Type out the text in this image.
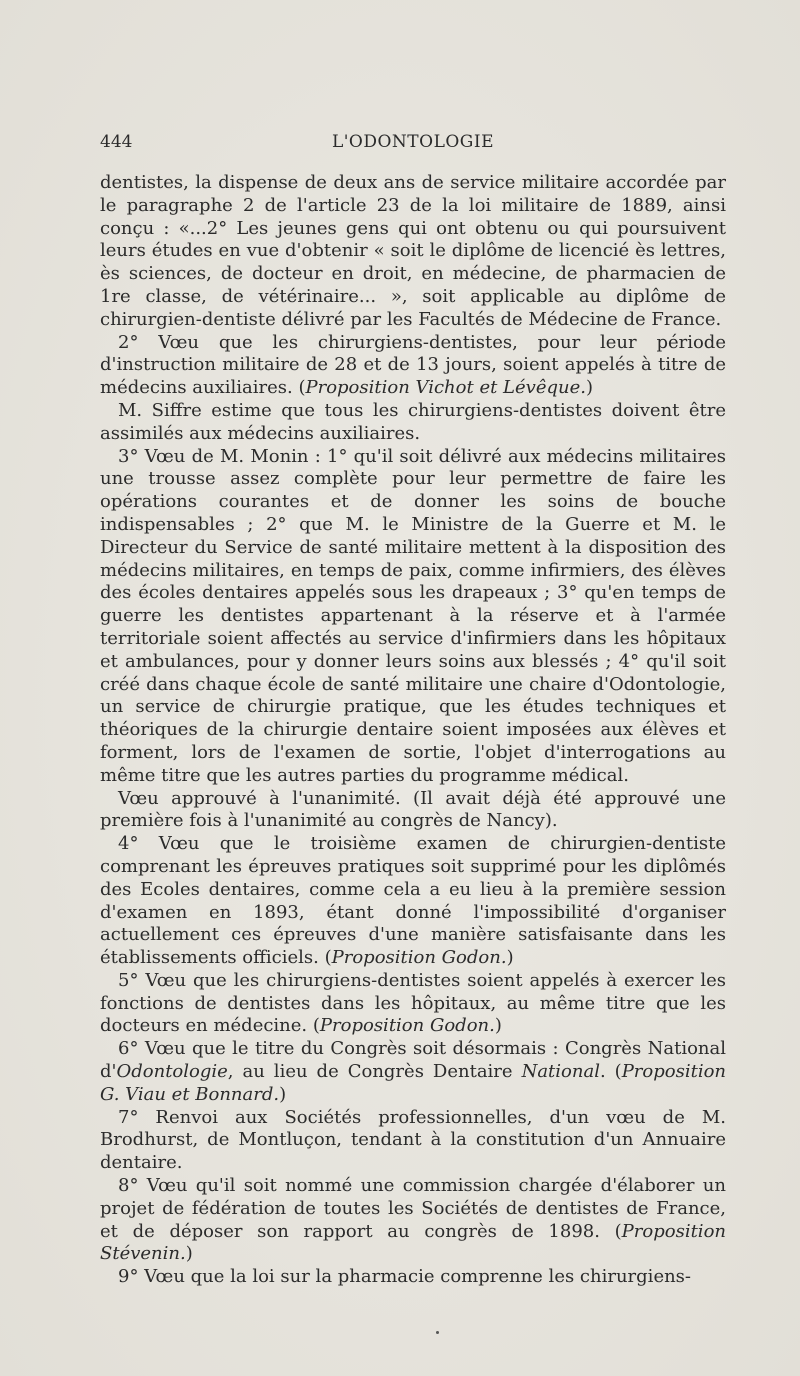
444	L'ODONTOLOGIE

dentistes, la dispense de deux ans de service militaire accordée par le paragraphe 2 de l'article 23 de la loi militaire de 1889, ainsi conçu : «...2° Les jeunes gens qui ont obtenu ou qui poursuivent leurs études en vue d'obtenir « soit le diplôme de licencié ès lettres, ès sciences, de docteur en droit, en médecine, de pharmacien de 1re classe, de vétérinaire... », soit applicable au diplôme de chirurgien-dentiste délivré par les Facultés de Médecine de France.

2° Vœu que les chirurgiens-dentistes, pour leur période d'instruction militaire de 28 et de 13 jours, soient appelés à titre de médecins auxiliaires. (Proposition Vichot et Lévêque.)

M. Siffre estime que tous les chirurgiens-dentistes doivent être assimilés aux médecins auxiliaires.

3° Vœu de M. Monin : 1° qu'il soit délivré aux médecins militaires une trousse assez complète pour leur permettre de faire les opérations courantes et de donner les soins de bouche indispensables ; 2° que M. le Ministre de la Guerre et M. le Directeur du Service de santé militaire mettent à la disposition des médecins militaires, en temps de paix, comme infirmiers, des élèves des écoles dentaires appelés sous les drapeaux ; 3° qu'en temps de guerre les dentistes appartenant à la réserve et à l'armée territoriale soient affectés au service d'infirmiers dans les hôpitaux et ambulances, pour y donner leurs soins aux blessés ; 4° qu'il soit créé dans chaque école de santé militaire une chaire d'Odontologie, un service de chirurgie pratique, que les études techniques et théoriques de la chirurgie dentaire soient imposées aux élèves et forment, lors de l'examen de sortie, l'objet d'interrogations au même titre que les autres parties du programme médical.

Vœu approuvé à l'unanimité. (Il avait déjà été approuvé une première fois à l'unanimité au congrès de Nancy).

4° Vœu que le troisième examen de chirurgien-dentiste comprenant les épreuves pratiques soit supprimé pour les diplômés des Ecoles dentaires, comme cela a eu lieu à la première session d'examen en 1893, étant donné l'impossibilité d'organiser actuellement ces épreuves d'une manière satisfaisante dans les établissements officiels. (Proposition Godon.)

5° Vœu que les chirurgiens-dentistes soient appelés à exercer les fonctions de dentistes dans les hôpitaux, au même titre que les docteurs en médecine. (Proposition Godon.)

6° Vœu que le titre du Congrès soit désormais : Congrès National d'Odontologie, au lieu de Congrès Dentaire National. (Proposition G. Viau et Bonnard.)

7° Renvoi aux Sociétés professionnelles, d'un vœu de M. Brodhurst, de Montluçon, tendant à la constitution d'un Annuaire dentaire.

8° Vœu qu'il soit nommé une commission chargée d'élaborer un projet de fédération de toutes les Sociétés de dentistes de France, et de déposer son rapport au congrès de 1898. (Proposition Stévenin.)

9° Vœu que la loi sur la pharmacie comprenne les chirurgiens-
